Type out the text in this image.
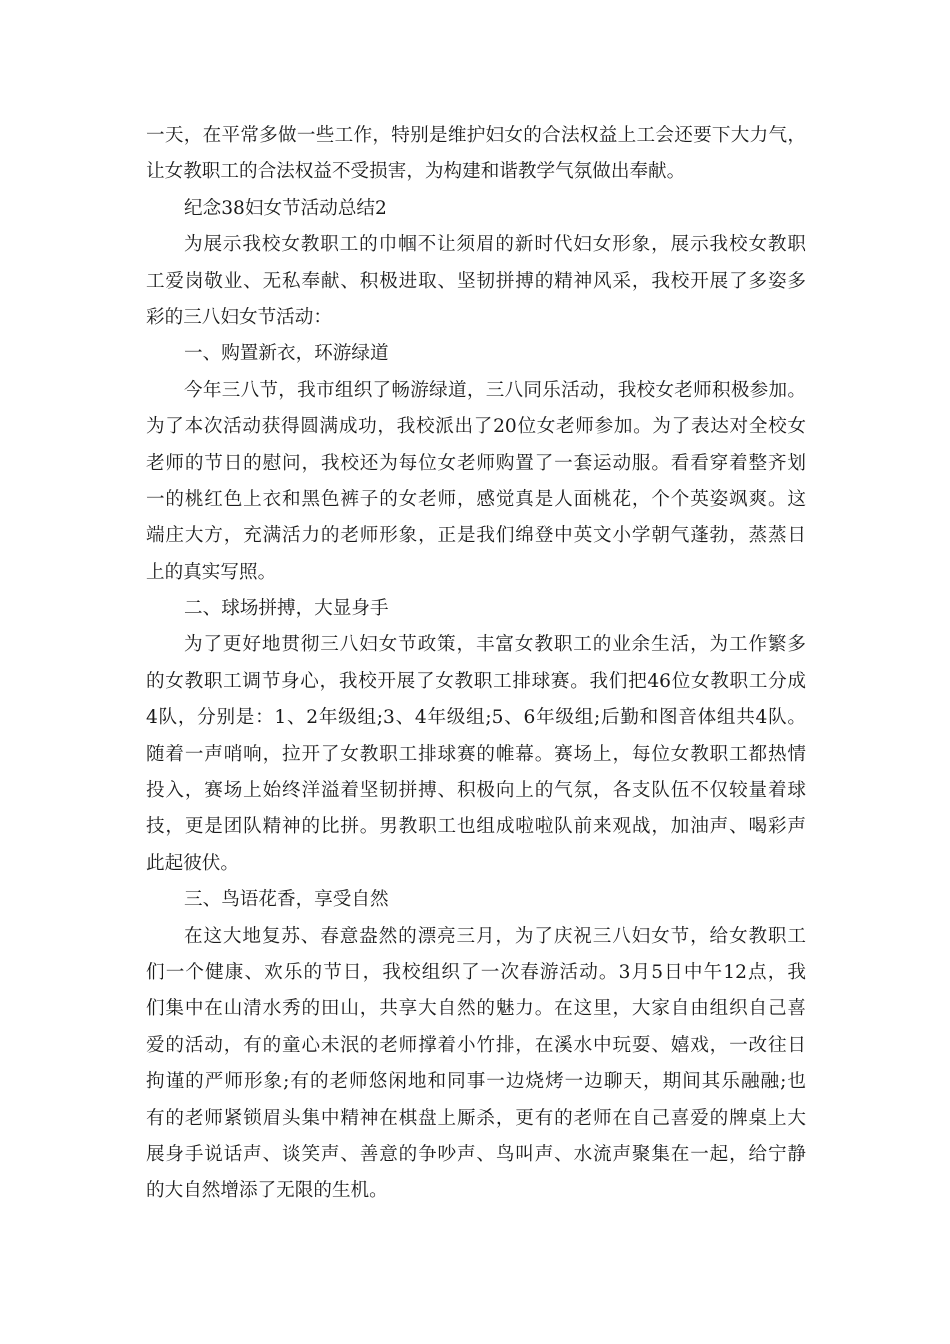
一天，在平常多做一些工作，特别是维护妇女的合法权益上工会还要下大力气，
让女教职工的合法权益不受损害，为构建和谐教学气氛做出奉献。
纪念38妇女节活动总结2
为展示我校女教职工的巾帼不让须眉的新时代妇女形象，展示我校女教职
工爱岗敬业、无私奉献、积极进取、坚韧拼搏的精神风采，我校开展了多姿多
彩的三八妇女节活动：
一、购置新衣，环游绿道
今年三八节，我市组织了畅游绿道，三八同乐活动，我校女老师积极参加。
为了本次活动获得圆满成功，我校派出了20位女老师参加。为了表达对全校女
老师的节日的慰问，我校还为每位女老师购置了一套运动服。看看穿着整齐划
一的桃红色上衣和黑色裤子的女老师，感觉真是人面桃花，个个英姿飒爽。这
端庄大方，充满活力的老师形象，正是我们绵登中英文小学朝气蓬勃，蒸蒸日
上的真实写照。
二、球场拼搏，大显身手
为了更好地贯彻三八妇女节政策，丰富女教职工的业余生活，为工作繁多
的女教职工调节身心，我校开展了女教职工排球赛。我们把46位女教职工分成
4队，分别是：1、2年级组;3、4年级组;5、6年级组;后勤和图音体组共4队。
随着一声哨响，拉开了女教职工排球赛的帷幕。赛场上，每位女教职工都热情
投入，赛场上始终洋溢着坚韧拼搏、积极向上的气氛，各支队伍不仅较量着球
技，更是团队精神的比拼。男教职工也组成啦啦队前来观战，加油声、喝彩声
此起彼伏。
三、鸟语花香，享受自然
在这大地复苏、春意盎然的漂亮三月，为了庆祝三八妇女节，给女教职工
们一个健康、欢乐的节日，我校组织了一次春游活动。3月5日中午12点，我
们集中在山清水秀的田山，共享大自然的魅力。在这里，大家自由组织自己喜
爱的活动，有的童心未泯的老师撑着小竹排，在溪水中玩耍、嬉戏，一改往日
拘谨的严师形象;有的老师悠闲地和同事一边烧烤一边聊天，期间其乐融融;也
有的老师紧锁眉头集中精神在棋盘上厮杀，更有的老师在自己喜爱的牌桌上大
展身手说话声、谈笑声、善意的争吵声、鸟叫声、水流声聚集在一起，给宁静
的大自然增添了无限的生机。
